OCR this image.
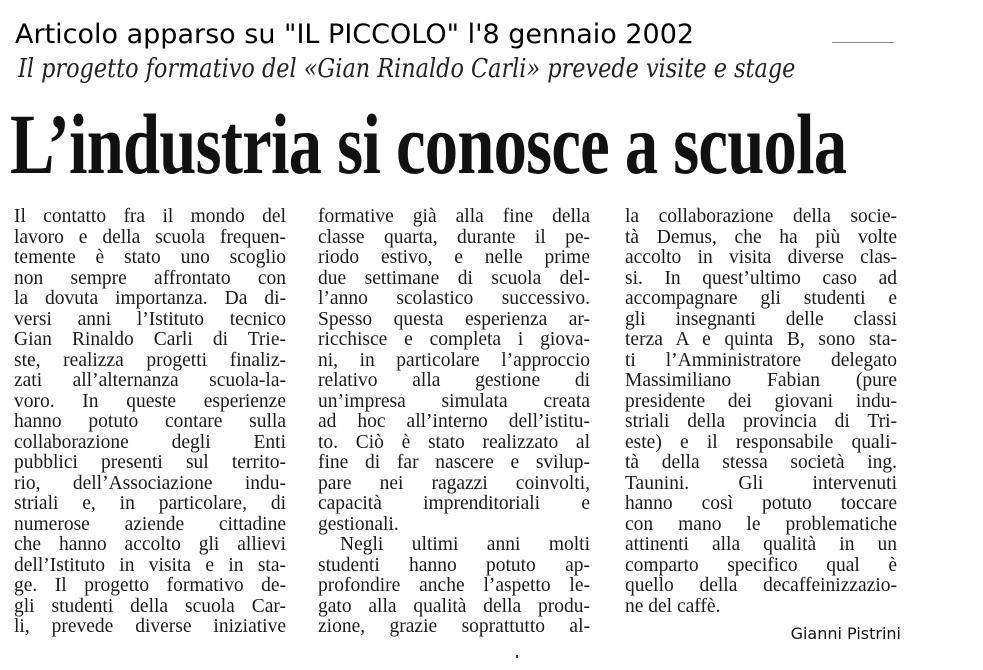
Articolo apparso su "IL PICCOLO" l'8 gennaio 2002
Il progetto formativo del «Gian Rinaldo Carli» prevede visite e stage
L’industria si conosce a scuola
Il contatto fra il mondo del
lavoro e della scuola frequen-
temente è stato uno scoglio
non sempre affrontato con
la dovuta importanza. Da di-
versi anni l’Istituto tecnico
Gian Rinaldo Carli di Trie-
ste, realizza progetti finaliz-
zati all’alternanza scuola-la-
voro. In queste esperienze
hanno potuto contare sulla
collaborazione degli Enti
pubblici presenti sul territo-
rio, dell’Associazione indu-
striali e, in particolare, di
numerose aziende cittadine
che hanno accolto gli allievi
dell’Istituto in visita e in sta-
ge. Il progetto formativo de-
gli studenti della scuola Car-
li, prevede diverse iniziative
formative già alla fine della
classe quarta, durante il pe-
riodo estivo, e nelle prime
due settimane di scuola del-
l’anno scolastico successivo.
Spesso questa esperienza ar-
ricchisce e completa i giova-
ni, in particolare l’approccio
relativo alla gestione di
un’impresa simulata creata
ad hoc all’interno dell’istitu-
to. Ciò è stato realizzato al
fine di far nascere e svilup-
pare nei ragazzi coinvolti,
capacità imprenditoriali e
gestionali.
Negli ultimi anni molti
studenti hanno potuto ap-
profondire anche l’aspetto le-
gato alla qualità della produ-
zione, grazie soprattutto al-
la collaborazione della socie-
tà Demus, che ha più volte
accolto in visita diverse clas-
si. In quest’ultimo caso ad
accompagnare gli studenti e
gli insegnanti delle classi
terza A e quinta B, sono sta-
ti l’Amministratore delegato
Massimiliano Fabian (pure
presidente dei giovani indu-
striali della provincia di Tri-
este) e il responsabile quali-
tà della stessa società ing.
Taunini. Gli intervenuti
hanno così potuto toccare
con mano le problematiche
attinenti alla qualità in un
comparto specifico qual è
quello della decaffeinizzazio-
ne del caffè.
Gianni Pistrini
